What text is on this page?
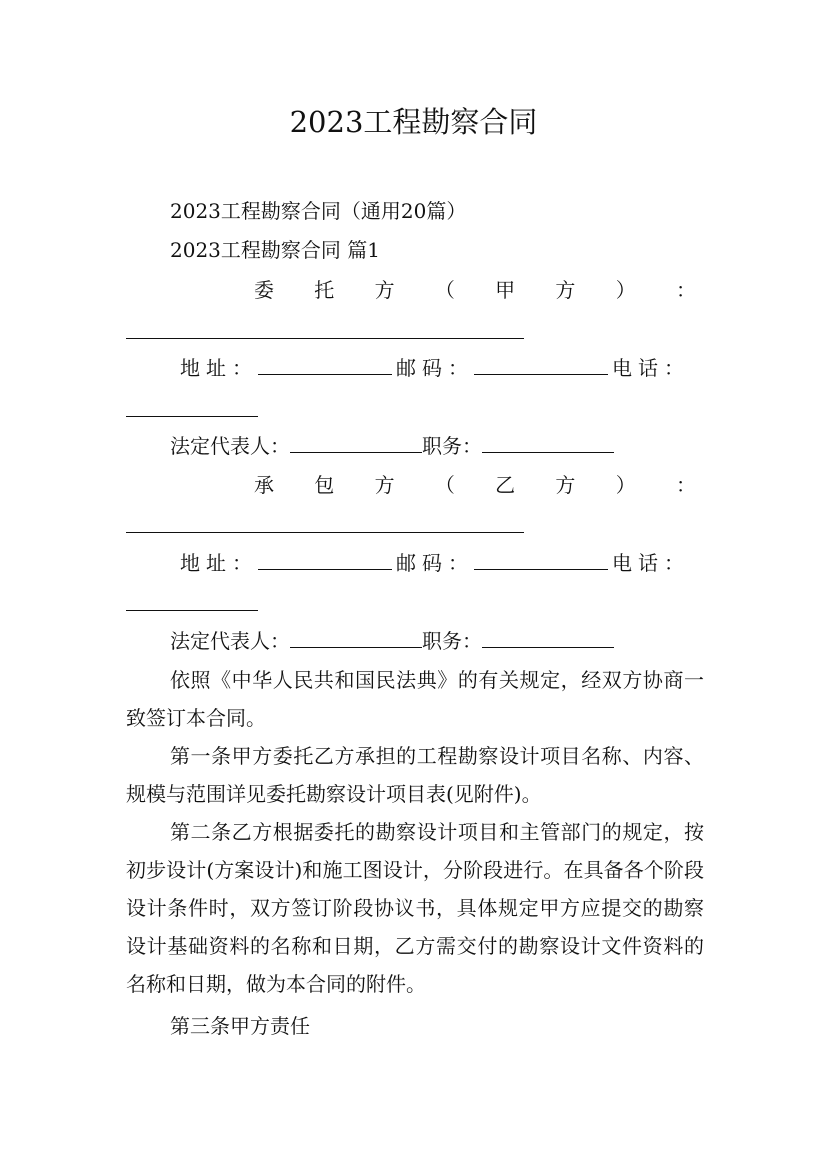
2023工程勘察合同
2023工程勘察合同（通用20篇）
2023工程勘察合同 篇1
委 托 方 （ 甲 方 ） ：
地址：	邮码：	电话：
法定代表人：	职务：
承 包 方 （ 乙 方 ） ：
地址：	邮码：	电话：
法定代表人：	职务：
依照《中华人民共和国民法典》的有关规定，经双方协商一致签订本合同。
第一条甲方委托乙方承担的工程勘察设计项目名称、内容、规模与范围详见委托勘察设计项目表(见附件)。
第二条乙方根据委托的勘察设计项目和主管部门的规定，按初步设计(方案设计)和施工图设计，分阶段进行。在具备各个阶段设计条件时，双方签订阶段协议书，具体规定甲方应提交的勘察设计基础资料的名称和日期，乙方需交付的勘察设计文件资料的名称和日期，做为本合同的附件。
第三条甲方责任
